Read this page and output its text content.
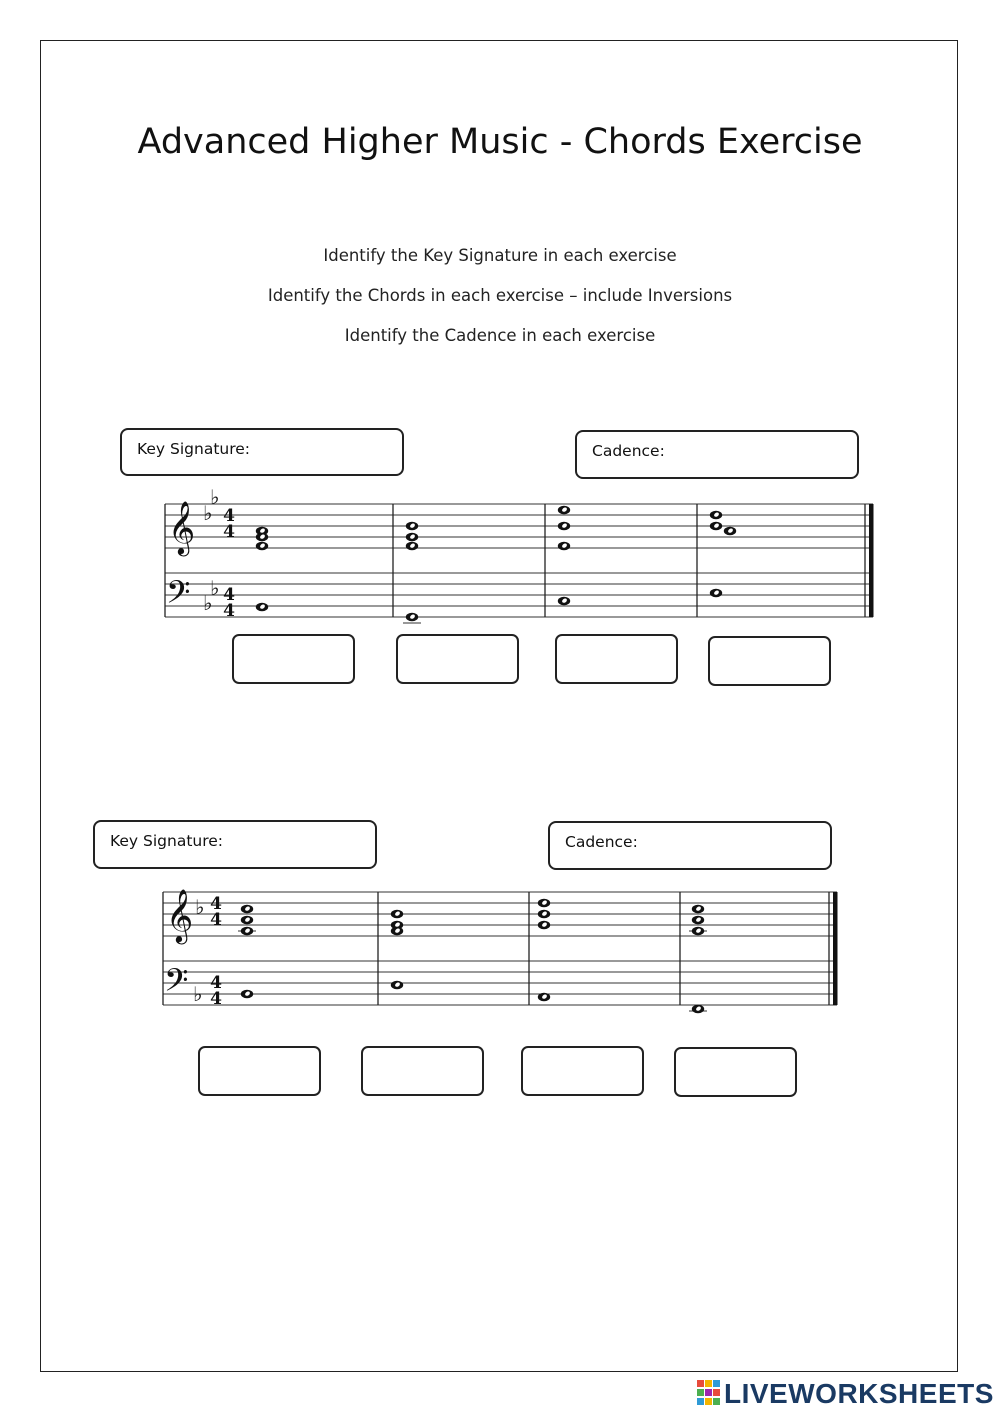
Advanced Higher Music - Chords Exercise
Identify the Key Signature in each exercise
Identify the Chords in each exercise – include Inversions
Identify the Cadence in each exercise
Key Signature:	Cadence:
𝄞
𝄢
♭
♭
♭
♭
4
4
4
4
Key Signature:	Cadence:
𝄞
𝄢
♭
♭
4
4
4
4
LIVEWORKSHEETS
